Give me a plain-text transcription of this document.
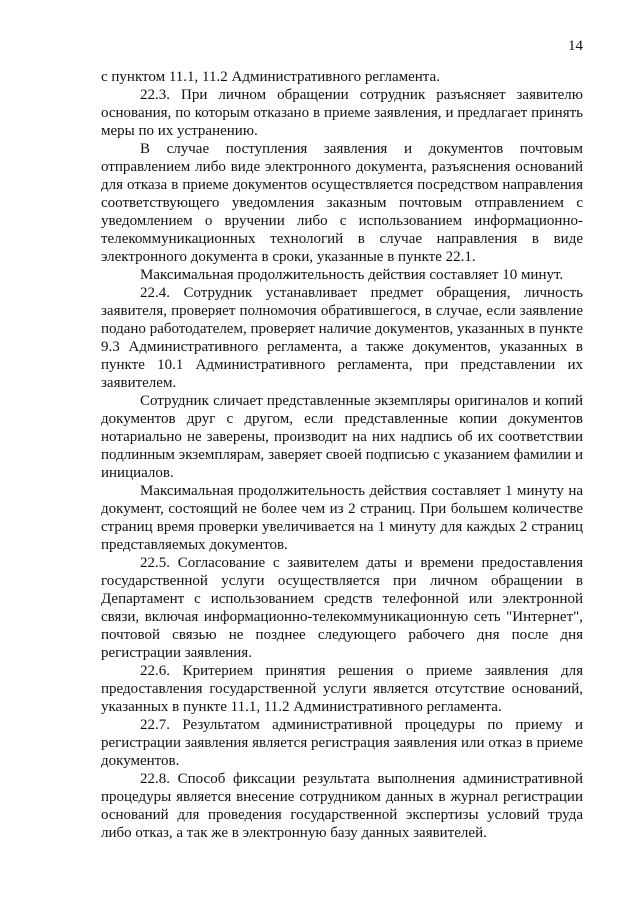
14

с пунктом 11.1, 11.2 Административного регламента.

22.3. При личном обращении сотрудник разъясняет заявителю основания, по которым отказано в приеме заявления, и предлагает принять меры по их устранению.

В случае поступления заявления и документов почтовым отправлением либо виде электронного документа, разъяснения оснований для отказа в приеме документов осуществляется посредством направления соответствующего уведомления заказным почтовым отправлением с уведомлением о вручении либо с использованием информационно-телекоммуникационных технологий в случае направления в виде электронного документа в сроки, указанные в пункте 22.1.

Максимальная продолжительность действия составляет 10 минут.

22.4. Сотрудник устанавливает предмет обращения, личность заявителя, проверяет полномочия обратившегося, в случае, если заявление подано работодателем, проверяет наличие документов, указанных в пункте 9.3 Административного регламента, а также документов, указанных в пункте 10.1 Административного регламента, при представлении их заявителем.

Сотрудник сличает представленные экземпляры оригиналов и копий документов друг с другом, если представленные копии документов нотариально не заверены, производит на них надпись об их соответствии подлинным экземплярам, заверяет своей подписью с указанием фамилии и инициалов.

Максимальная продолжительность действия составляет 1 минуту на документ, состоящий не более чем из 2 страниц. При большем количестве страниц время проверки увеличивается на 1 минуту для каждых 2 страниц представляемых документов.

22.5. Согласование с заявителем даты и времени предоставления государственной услуги осуществляется при личном обращении в Департамент с использованием средств телефонной или электронной связи, включая информационно-телекоммуникационную сеть "Интернет", почтовой связью не позднее следующего рабочего дня после дня регистрации заявления.

22.6. Критерием принятия решения о приеме заявления для предоставления государственной услуги является отсутствие оснований, указанных в пункте 11.1, 11.2 Административного регламента.

22.7. Результатом административной процедуры по приему и регистрации заявления является регистрация заявления или отказ в приеме документов.

22.8. Способ фиксации результата выполнения административной процедуры является внесение сотрудником данных в журнал регистрации оснований для проведения государственной экспертизы условий труда либо отказ, а так же в электронную базу данных заявителей.
